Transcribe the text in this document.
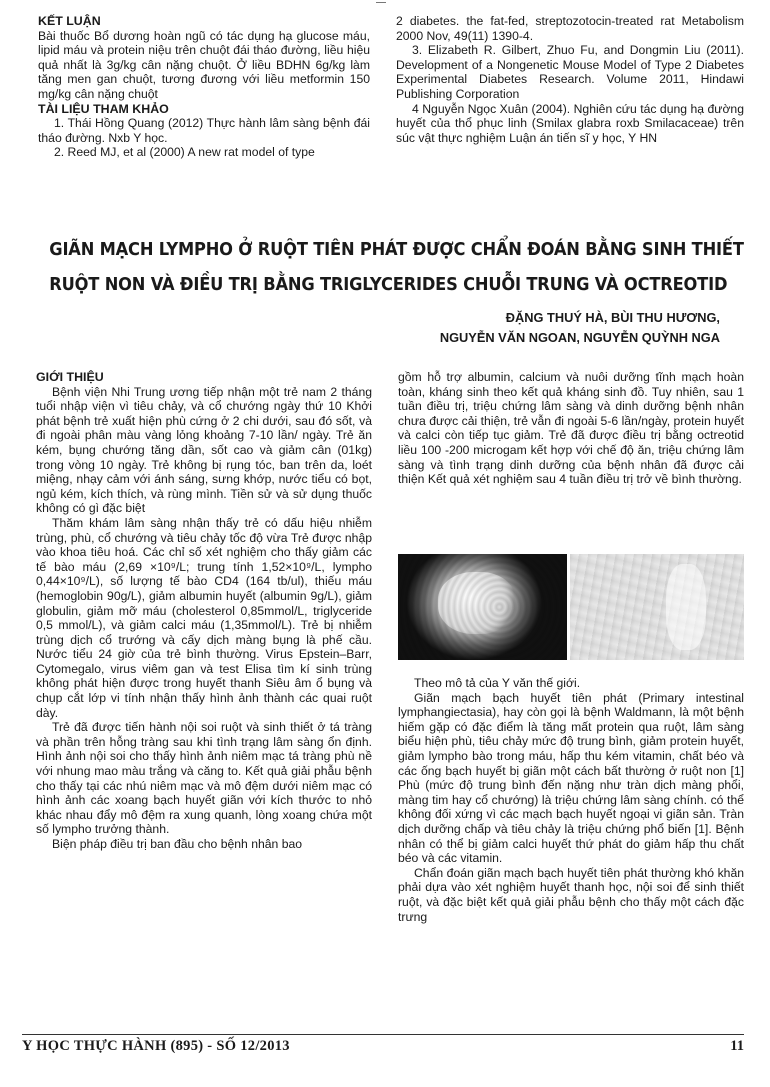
KẾT LUẬN

Bài thuốc Bổ dương hoàn ngũ có tác dụng hạ glucose máu, lipid máu và protein niệu trên chuột đái tháo đường, liều hiệu quả nhất là 3g/kg cân nặng chuột. Ở liều BDHN 6g/kg làm tăng men gan chuột, tương đương với liều metformin 150 mg/kg cân nặng chuột

TÀI LIỆU THAM KHẢO

1. Thái Hồng Quang (2012) Thực hành lâm sàng bệnh đái tháo đường. Nxb Y học.

2. Reed MJ, et al (2000) A new rat model of type

2 diabetes. the fat-fed, streptozotocin-treated rat Metabolism 2000 Nov, 49(11) 1390-4.

3. Elizabeth R. Gilbert, Zhuo Fu, and Dongmin Liu (2011). Development of a Nongenetic Mouse Model of Type 2 Diabetes Experimental Diabetes Research. Volume 2011, Hindawi Publishing Corporation

4 Nguyễn Ngọc Xuân (2004). Nghiên cứu tác dụng hạ đường huyết của thổ phục linh (Smilax glabra roxb Smilacaceae) trên súc vật thực nghiệm Luận án tiến sĩ y học, Y HN

GIÃN MẠCH LYMPHO Ở RUỘT TIÊN PHÁT ĐƯỢC CHẨN ĐOÁN BẰNG SINH THIẾT
RUỘT NON VÀ ĐIỀU TRỊ BẰNG TRIGLYCERIDES CHUỖI TRUNG VÀ OCTREOTID
ĐẶNG THUÝ HÀ, BÙI THU HƯƠNG,
NGUYỄN VĂN NGOAN, NGUYỄN QUỲNH NGA

GIỚI THIỆU

Bệnh viện Nhi Trung ương tiếp nhận một trẻ nam 2 tháng tuổi nhập viện vì tiêu chảy, và cổ chướng ngày thứ 10 Khởi phát bệnh trẻ xuất hiện phù cứng ở 2 chi dưới, sau đó sốt, và đi ngoài phân màu vàng lỏng khoảng 7-10 lần/ ngày. Trẻ ăn kém, bụng chướng tăng dần, sốt cao và giảm cân (01kg) trong vòng 10 ngày. Trẻ không bị rụng tóc, ban trên da, loét miệng, nhạy cảm với ánh sáng, sưng khớp, nước tiểu có bọt, ngủ kém, kích thích, và rùng mình. Tiền sử và sử dụng thuốc không có gì đặc biệt

Thăm khám lâm sàng nhận thấy trẻ có dấu hiệu nhiễm trùng, phù, cổ chướng và tiêu chảy tốc độ vừa Trẻ được nhập vào khoa tiêu hoá. Các chỉ số xét nghiệm cho thấy giảm các tế bào máu (2,69 ×10⁹/L; trung tính 1,52×10⁹/L, lympho 0,44×10⁹/L), số lượng tế bào CD4 (164 tb/ul), thiếu máu (hemoglobin 90g/L), giảm albumin huyết (albumin 9g/L), giảm globulin, giảm mỡ máu (cholesterol 0,85mmol/L, triglyceride 0,5 mmol/L), và giảm calci máu (1,35mmol/L). Trẻ bị nhiễm trùng dịch cổ trướng và cấy dịch màng bụng là phế cầu. Nước tiểu 24 giờ của trẻ bình thường. Virus Epstein–Barr, Cytomegalo, virus viêm gan và test Elisa tìm kí sinh trùng không phát hiện được trong huyết thanh Siêu âm ổ bụng và chụp cắt lớp vi tính nhận thấy hình ảnh thành các quai ruột dày.

Trẻ đã được tiến hành nội soi ruột và sinh thiết ở tá tràng và phần trên hỗng tràng sau khi tình trạng lâm sàng ổn định. Hình ảnh nội soi cho thấy hình ảnh niêm mạc tá tràng phù nề với nhung mao màu trắng và căng to. Kết quả giải phẫu bệnh cho thấy tại các nhú niêm mạc và mô đệm dưới niêm mạc có hình ảnh các xoang bạch huyết giãn với kích thước to nhỏ khác nhau đẩy mô đệm ra xung quanh, lòng xoang chứa một số lympho trưởng thành.

Biện pháp điều trị ban đầu cho bệnh nhân bao

gồm hỗ trợ albumin, calcium và nuôi dưỡng tĩnh mạch hoàn toàn, kháng sinh theo kết quả kháng sinh đồ. Tuy nhiên, sau 1 tuần điều trị, triệu chứng lâm sàng và dinh dưỡng bệnh nhân chưa được cải thiện, trẻ vẫn đi ngoài 5-6 lần/ngày, protein huyết và calci còn tiếp tục giảm. Trẻ đã được điều trị bằng octreotid liều 100 -200 microgam kết hợp với chế độ ăn, triệu chứng lâm sàng và tình trạng dinh dưỡng của bệnh nhân đã được cải thiện Kết quả xét nghiệm sau 4 tuần điều trị trở về bình thường.

Theo mô tả của Y văn thế giới.

Giãn mạch bạch huyết tiên phát (Primary intestinal lymphangiectasia), hay còn gọi là bệnh Waldmann, là một bệnh hiếm gặp có đặc điểm là tăng mất protein qua ruột, lâm sàng biểu hiện phù, tiêu chảy mức độ trung bình, giảm protein huyết, giảm lympho bào trong máu, hấp thu kém vitamin, chất béo và các ống bạch huyết bị giãn một cách bất thường ở ruột non [1] Phù (mức độ trung bình đến nặng như tràn dịch màng phổi, màng tim hay cổ chướng) là triệu chứng lâm sàng chính. có thể không đối xứng vì các mạch bạch huyết ngoại vi giãn sản. Tràn dịch dưỡng chấp và tiêu chảy là triệu chứng phổ biến [1]. Bệnh nhân có thể bị giảm calci huyết thứ phát do giảm hấp thu chất béo và các vitamin.

Chẩn đoán giãn mạch bạch huyết tiên phát thường khó khăn phải dựa vào xét nghiệm huyết thanh học, nội soi để sinh thiết ruột, và đặc biệt kết quả giải phẫu bệnh cho thấy một cách đặc trưng

Y HỌC THỰC HÀNH (895) - SỐ 12/2013	11
